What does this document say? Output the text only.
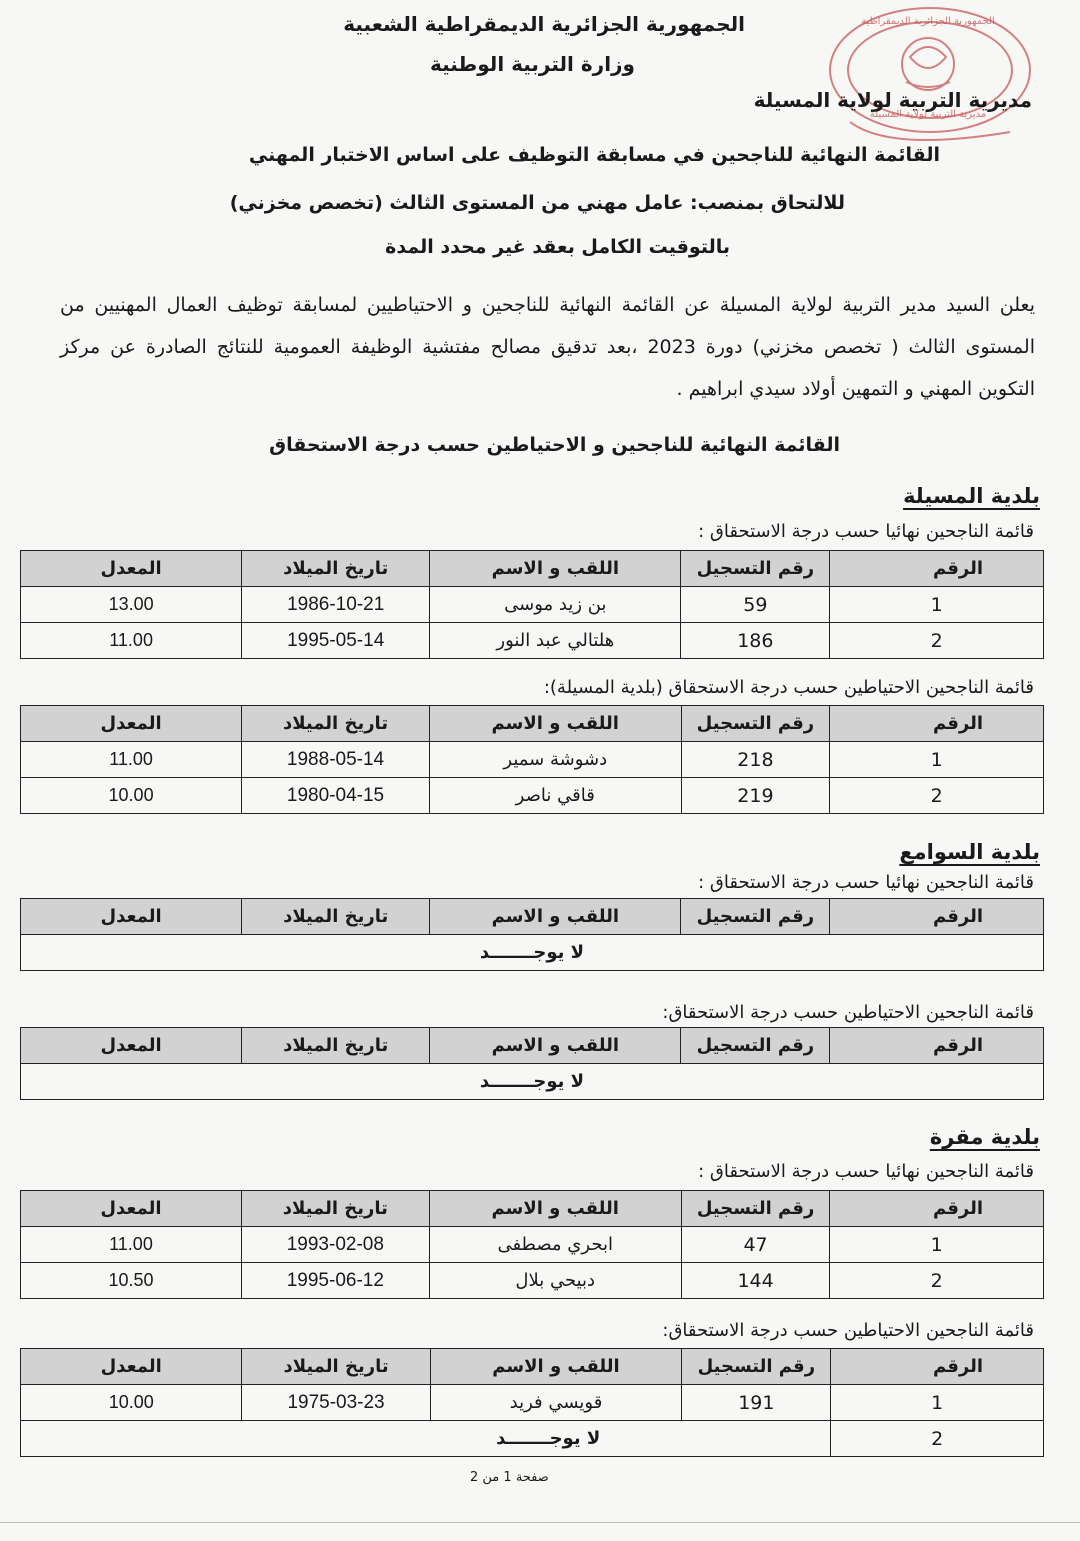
الجمهورية الجزائرية الديمقراطية
مديرية التربية لولاية المسيلة
الجمهورية الجزائرية الديمقراطية الشعبية
وزارة التربية الوطنية
مديرية التربية لولاية المسيلة
القائمة النهائية للناجحين في مسابقة التوظيف على اساس الاختبار المهني
للالتحاق بمنصب: عامل مهني من المستوى الثالث (تخصص مخزني)
بالتوقيت الكامل بعقد غير محدد المدة
يعلن السيد مدير التربية لولاية المسيلة عن القائمة النهائية للناجحين و الاحتياطيين لمسابقة توظيف العمال المهنيين من المستوى الثالث ( تخصص مخزني) دورة 2023 ،بعد تدقيق مصالح مفتشية الوظيفة العمومية للنتائج الصادرة عن مركز التكوين المهني و التمهين أولاد سيدي ابراهيم .
القائمة النهائية للناجحين و الاحتياطين حسب درجة الاستحقاق
بلدية المسيلة
قائمة الناجحين نهائيا حسب درجة الاستحقاق :
الرقم	رقم التسجيل	اللقب و الاسم	تاريخ الميلاد	المعدل
1	59	بن زيد موسى	1986-10-21	13.00
2	186	هلتالي عبد النور	1995-05-14	11.00
قائمة الناجحين الاحتياطين حسب درجة الاستحقاق (بلدية المسيلة):
الرقم	رقم التسجيل	اللقب و الاسم	تاريخ الميلاد	المعدل
1	218	دشوشة سمير	1988-05-14	11.00
2	219	قاقي ناصر	1980-04-15	10.00
بلدية السوامع
قائمة الناجحين نهائيا حسب درجة الاستحقاق :
الرقم	رقم التسجيل	اللقب و الاسم	تاريخ الميلاد	المعدل
لا يوجـــــــد
قائمة الناجحين الاحتياطين حسب درجة الاستحقاق:
الرقم	رقم التسجيل	اللقب و الاسم	تاريخ الميلاد	المعدل
لا يوجـــــــد
بلدية مقرة
قائمة الناجحين نهائيا حسب درجة الاستحقاق :
الرقم	رقم التسجيل	اللقب و الاسم	تاريخ الميلاد	المعدل
1	47	ابحري مصطفى	1993-02-08	11.00
2	144	دبيحي بلال	1995-06-12	10.50
قائمة الناجحين الاحتياطين حسب درجة الاستحقاق:
الرقم	رقم التسجيل	اللقب و الاسم	تاريخ الميلاد	المعدل
1	191	قويسي فريد	1975-03-23	10.00
2	لا يوجـــــــد			
صفحة 1 من 2
